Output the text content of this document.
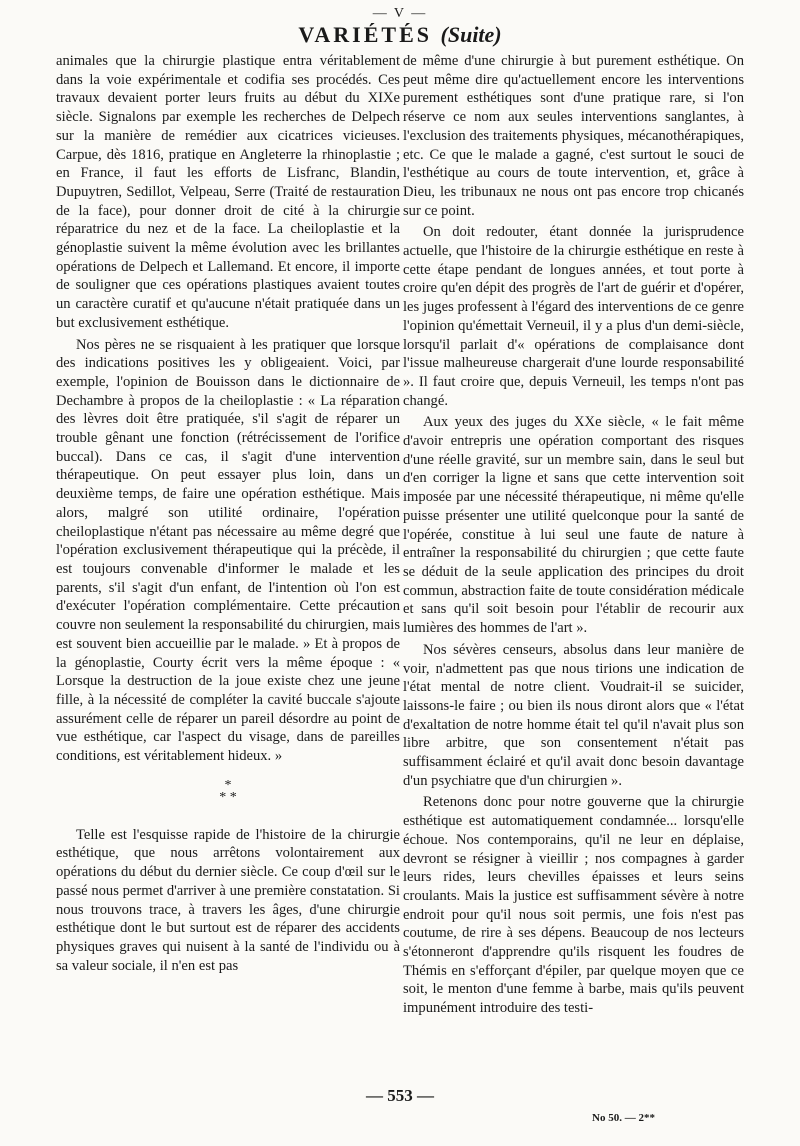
— V —
VARIÉTÉS (Suite)

animales que la chirurgie plastique entra véritablement dans la voie expérimentale et codifia ses procédés. Ces travaux devaient porter leurs fruits au début du XIXe siècle. Signalons par exemple les recherches de Delpech sur la manière de remédier aux cicatrices vicieuses. Carpue, dès 1816, pratique en Angleterre la rhinoplastie ; en France, il faut les efforts de Lisfranc, Blandin, Dupuytren, Sedillot, Velpeau, Serre (Traité de restauration de la face), pour donner droit de cité à la chirurgie réparatrice du nez et de la face. La cheiloplastie et la génoplastie suivent la même évolution avec les brillantes opérations de Delpech et Lallemand. Et encore, il importe de souligner que ces opérations plastiques avaient toutes un caractère curatif et qu'aucune n'était pratiquée dans un but exclusivement esthétique.

Nos pères ne se risquaient à les pratiquer que lorsque des indications positives les y obligeaient. Voici, par exemple, l'opinion de Bouisson dans le dictionnaire de Dechambre à propos de la cheiloplastie : « La réparation des lèvres doit être pratiquée, s'il s'agit de réparer un trouble gênant une fonction (rétrécissement de l'orifice buccal). Dans ce cas, il s'agit d'une intervention thérapeutique. On peut essayer plus loin, dans un deuxième temps, de faire une opération esthétique. Mais alors, malgré son utilité ordinaire, l'opération cheiloplastique n'étant pas nécessaire au même degré que l'opération exclusivement thérapeutique qui la précède, il est toujours convenable d'informer le malade et les parents, s'il s'agit d'un enfant, de l'intention où l'on est d'exécuter l'opération complémentaire. Cette précaution couvre non seulement la responsabilité du chirurgien, mais est souvent bien accueillie par le malade. » Et à propos de la génoplastie, Courty écrit vers la même époque : « Lorsque la destruction de la joue existe chez une jeune fille, à la nécessité de compléter la cavité buccale s'ajoute assurément celle de réparer un pareil désordre au point de vue esthétique, car l'aspect du visage, dans de pareilles conditions, est véritablement hideux. »

*
* *

Telle est l'esquisse rapide de l'histoire de la chirurgie esthétique, que nous arrêtons volontairement aux opérations du début du dernier siècle. Ce coup d'œil sur le passé nous permet d'arriver à une première constatation. Si nous trouvons trace, à travers les âges, d'une chirurgie esthétique dont le but surtout est de réparer des accidents physiques graves qui nuisent à la santé de l'individu ou à sa valeur sociale, il n'en est pas

de même d'une chirurgie à but purement esthétique. On peut même dire qu'actuellement encore les interventions purement esthétiques sont d'une pratique rare, si l'on réserve ce nom aux seules interventions sanglantes, à l'exclusion des traitements physiques, mécanothérapiques, etc. Ce que le malade a gagné, c'est surtout le souci de l'esthétique au cours de toute intervention, et, grâce à Dieu, les tribunaux ne nous ont pas encore trop chicanés sur ce point.

On doit redouter, étant donnée la jurisprudence actuelle, que l'histoire de la chirurgie esthétique en reste à cette étape pendant de longues années, et tout porte à croire qu'en dépit des progrès de l'art de guérir et d'opérer, les juges professent à l'égard des interventions de ce genre l'opinion qu'émettait Verneuil, il y a plus d'un demi-siècle, lorsqu'il parlait d'« opérations de complaisance dont l'issue malheureuse chargerait d'une lourde responsabilité ». Il faut croire que, depuis Verneuil, les temps n'ont pas changé.

Aux yeux des juges du XXe siècle, « le fait même d'avoir entrepris une opération comportant des risques d'une réelle gravité, sur un membre sain, dans le seul but d'en corriger la ligne et sans que cette intervention soit imposée par une nécessité thérapeutique, ni même qu'elle puisse présenter une utilité quelconque pour la santé de l'opérée, constitue à lui seul une faute de nature à entraîner la responsabilité du chirurgien ; que cette faute se déduit de la seule application des principes du droit commun, abstraction faite de toute considération médicale et sans qu'il soit besoin pour l'établir de recourir aux lumières des hommes de l'art ».

Nos sévères censeurs, absolus dans leur manière de voir, n'admettent pas que nous tirions une indication de l'état mental de notre client. Voudrait-il se suicider, laissons-le faire ; ou bien ils nous diront alors que « l'état d'exaltation de notre homme était tel qu'il n'avait plus son libre arbitre, que son consentement n'était pas suffisamment éclairé et qu'il avait donc besoin davantage d'un psychiatre que d'un chirurgien ».

Retenons donc pour notre gouverne que la chirurgie esthétique est automatiquement condamnée... lorsqu'elle échoue. Nos contemporains, qu'il ne leur en déplaise, devront se résigner à vieillir ; nos compagnes à garder leurs rides, leurs chevilles épaisses et leurs seins croulants. Mais la justice est suffisamment sévère à notre endroit pour qu'il nous soit permis, une fois n'est pas coutume, de rire à ses dépens. Beaucoup de nos lecteurs s'étonneront d'apprendre qu'ils risquent les foudres de Thémis en s'efforçant d'épiler, par quelque moyen que ce soit, le menton d'une femme à barbe, mais qu'ils peuvent impunément introduire des testi-

— 553 —
No 50. — 2**
